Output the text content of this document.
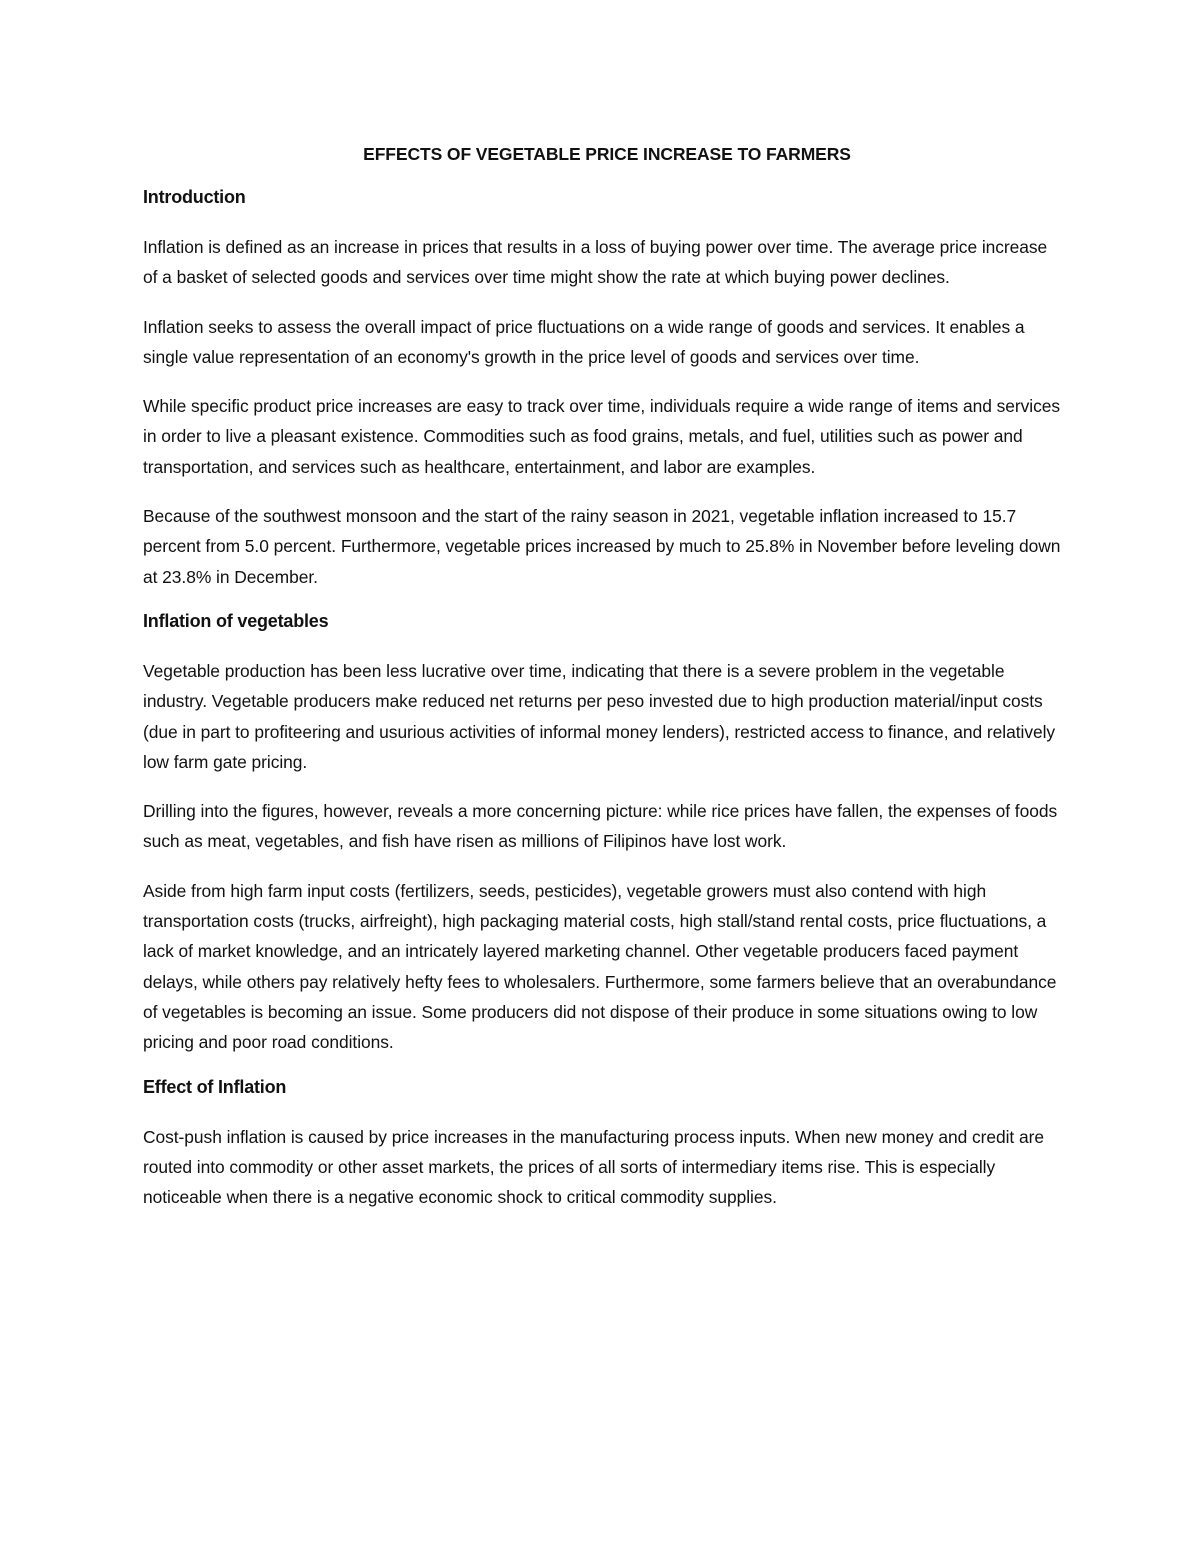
EFFECTS OF VEGETABLE PRICE INCREASE TO FARMERS
Introduction

Inflation is defined as an increase in prices that results in a loss of buying power over time. The average price increase of a basket of selected goods and services over time might show the rate at which buying power declines.

Inflation seeks to assess the overall impact of price fluctuations on a wide range of goods and services. It enables a single value representation of an economy's growth in the price level of goods and services over time.

While specific product price increases are easy to track over time, individuals require a wide range of items and services in order to live a pleasant existence. Commodities such as food grains, metals, and fuel, utilities such as power and transportation, and services such as healthcare, entertainment, and labor are examples.

Because of the southwest monsoon and the start of the rainy season in 2021, vegetable inflation increased to 15.7 percent from 5.0 percent. Furthermore, vegetable prices increased by much to 25.8% in November before leveling down at 23.8% in December.

Inflation of vegetables

Vegetable production has been less lucrative over time, indicating that there is a severe problem in the vegetable industry. Vegetable producers make reduced net returns per peso invested due to high production material/input costs (due in part to profiteering and usurious activities of informal money lenders), restricted access to finance, and relatively low farm gate pricing.

Drilling into the figures, however, reveals a more concerning picture: while rice prices have fallen, the expenses of foods such as meat, vegetables, and fish have risen as millions of Filipinos have lost work.

Aside from high farm input costs (fertilizers, seeds, pesticides), vegetable growers must also contend with high transportation costs (trucks, airfreight), high packaging material costs, high stall/stand rental costs, price fluctuations, a lack of market knowledge, and an intricately layered marketing channel. Other vegetable producers faced payment delays, while others pay relatively hefty fees to wholesalers. Furthermore, some farmers believe that an overabundance of vegetables is becoming an issue. Some producers did not dispose of their produce in some situations owing to low pricing and poor road conditions.

Effect of Inflation

Cost-push inflation is caused by price increases in the manufacturing process inputs. When new money and credit are routed into commodity or other asset markets, the prices of all sorts of intermediary items rise. This is especially noticeable when there is a negative economic shock to critical commodity supplies.
